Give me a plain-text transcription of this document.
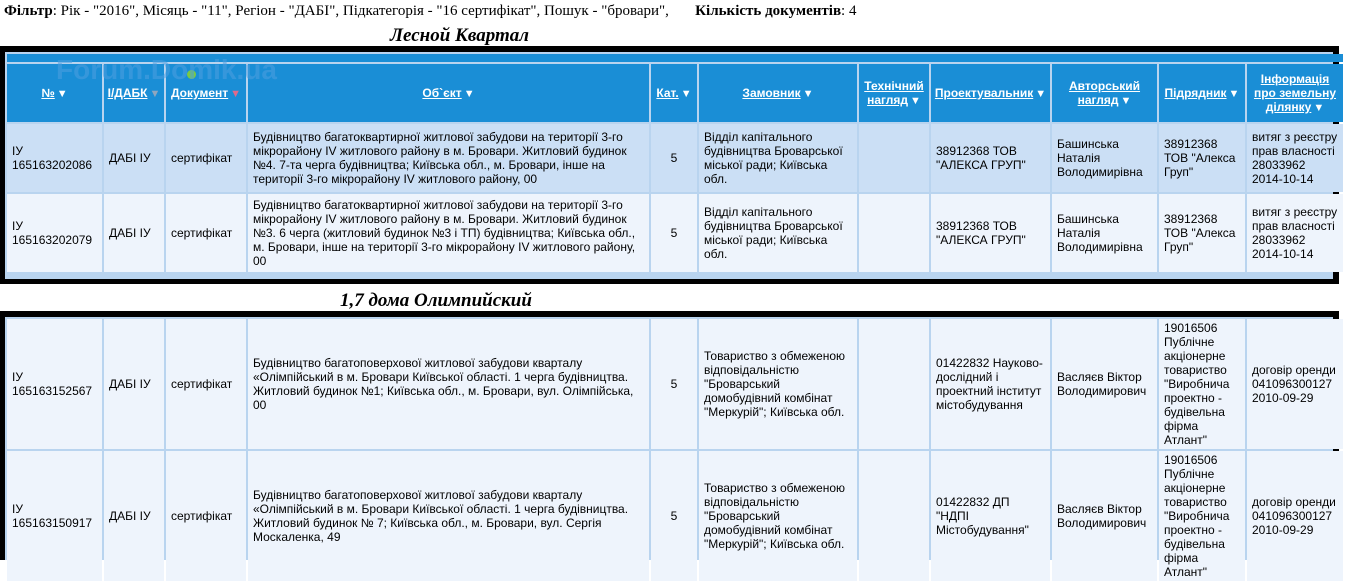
Фільтр: Рік - "2016", Місяць - "11", Регіон - "ДАБІ", Підкатегорія - "16 сертифікат", Пошук - "бровари", Кількість документів: 4
Лесной Квартал

№ ▼	І/ДАБК ▼	Документ ▼	Об`єкт ▼	Кат. ▼	Замовник ▼	Технічний нагляд ▼	Проектувальник ▼	Авторський нагляд ▼	Підрядник ▼	Інформація про земельну ділянку ▼
ІУ 165163202086	ДАБІ ІУ	сертифікат	Будівництво багатоквартирної житлової забудови на території 3-го мікрорайону IV житлового району в м. Бровари. Житловий будинок №4. 7-та черга будівництва; Київська обл., м. Бровари, інше на території 3-го мікрорайону IV житлового району, 00	5	Відділ капітального будівництва Броварської міської ради; Київська обл.		38912368 ТОВ "АЛЕКСА ГРУП"	Башинська Наталія Володимирівна	38912368 ТОВ "Алекса Груп"	витяг з реєстру прав власності 28033962 2014-10-14
ІУ 165163202079	ДАБІ ІУ	сертифікат	Будівництво багатоквартирної житлової забудови на території 3-го мікрорайону IV житлового району в м. Бровари. Житловий будинок №3. 6 черга (житловий будинок №3 і ТП) будівництва; Київська обл., м. Бровари, інше на території 3-го мікрорайону IV житлового району, 00	5	Відділ капітального будівництва Броварської міської ради; Київська обл.		38912368 ТОВ "АЛЕКСА ГРУП"	Башинська Наталія Володимирівна	38912368 ТОВ "Алекса Груп"	витяг з реєстру прав власності 28033962 2014-10-14
Forum.Domik.ua
1,7 дома Олимпийский
ІУ 165163152567	ДАБІ ІУ	сертифікат	Будівництво багатоповерхової житлової забудови кварталу «Олімпійський в м. Бровари Київської області. 1 черга будівництва. Житловий будинок №1; Київська обл., м. Бровари, вул. Олімпійська, 00	5	Товариство з обмеженою відповідальністю "Броварський домобудівний комбінат "Меркурій"; Київська обл.		01422832 Науково-дослідний і проектний інститут містобудування	Васляєв Віктор Володимирович	19016506 Публічне акціонерне товариство "Виробнича проектно - будівельна фірма Атлант"	договір оренди 041096300127 2010-09-29
ІУ 165163150917	ДАБІ ІУ	сертифікат	Будівництво багатоповерхової житлової забудови кварталу «Олімпійський в м. Бровари Київської області. 1 черга будівництва. Житловий будинок № 7; Київська обл., м. Бровари, вул. Сергія Москаленка, 49	5	Товариство з обмеженою відповідальністю "Броварський домобудівний комбінат "Меркурій"; Київська обл.		01422832 ДП "НДПІ Містобудування"	Васляєв Віктор Володимирович	19016506 Публічне акціонерне товариство "Виробнича проектно - будівельна фірма Атлант"	договір оренди 041096300127 2010-09-29
